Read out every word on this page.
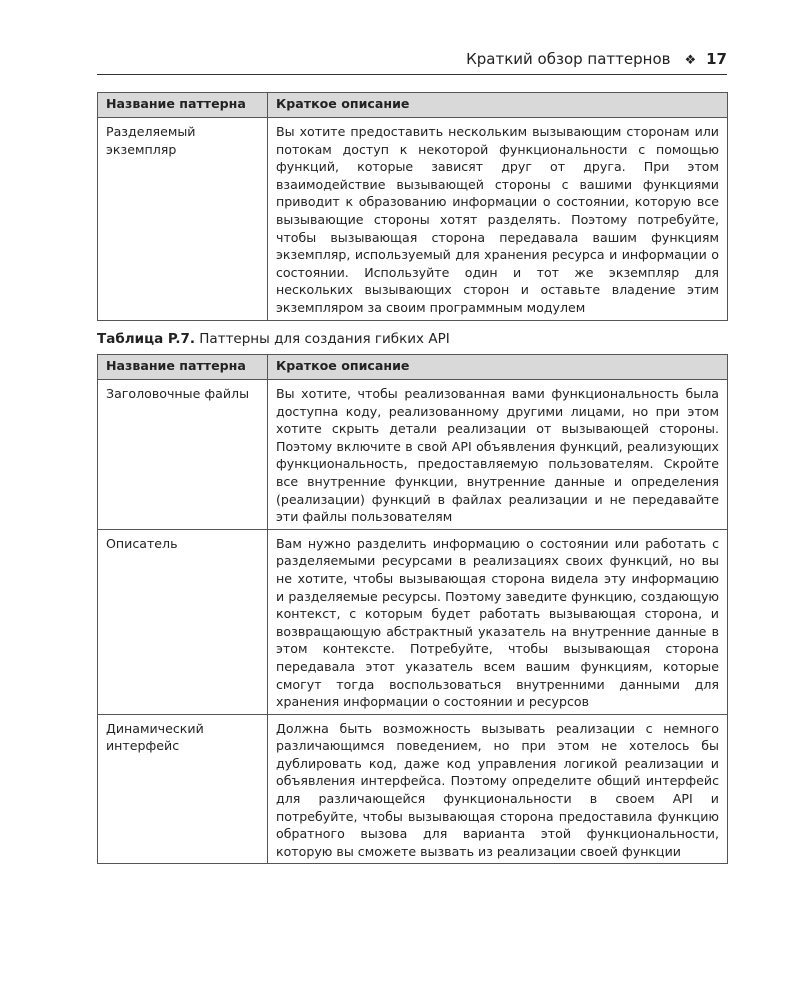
Краткий обзор паттернов ❖ 17
Название паттерна	Краткое описание
Разделяемый экземпляр	Вы хотите предоставить нескольким вызывающим сторонам или потокам доступ к некоторой функциональности с помощью функций, которые зависят друг от друга. При этом взаимодействие вызывающей стороны с вашими функциями приводит к образованию информации о состоянии, которую все вызывающие стороны хотят разделять. Поэтому потребуйте, чтобы вызывающая сторона передавала вашим функциям экземпляр, используемый для хранения ресурса и информации о состоянии. Используйте один и тот же экземпляр для нескольких вызывающих сторон и оставьте владение этим экземпляром за своим программным модулем
Таблица P.7. Паттерны для создания гибких API
Название паттерна	Краткое описание
Заголовочные файлы	Вы хотите, чтобы реализованная вами функциональность была доступна коду, реализованному другими лицами, но при этом хотите скрыть детали реализации от вызывающей стороны. Поэтому включите в свой API объявления функций, реализующих функциональность, предоставляемую пользователям. Скройте все внутренние функции, внутренние данные и определения (реализации) функций в файлах реализации и не передавайте эти файлы пользователям
Описатель	Вам нужно разделить информацию о состоянии или работать с разделяемыми ресурсами в реализациях своих функций, но вы не хотите, чтобы вызывающая сторона видела эту информацию и разделяемые ресурсы. Поэтому заведите функцию, создающую контекст, с которым будет работать вызывающая сторона, и возвращающую абстрактный указатель на внутренние данные в этом контексте. Потребуйте, чтобы вызывающая сторона передавала этот указатель всем вашим функциям, которые смогут тогда воспользоваться внутренними данными для хранения информации о состоянии и ресурсов
Динамический интерфейс	Должна быть возможность вызывать реализации с немного различающимся поведением, но при этом не хотелось бы дублировать код, даже код управления логикой реализации и объявления интерфейса. Поэтому определите общий интерфейс для различающейся функциональности в своем API и потребуйте, чтобы вызывающая сторона предоставила функцию обратного вызова для варианта этой функциональности, которую вы сможете вызвать из реализации своей функции
